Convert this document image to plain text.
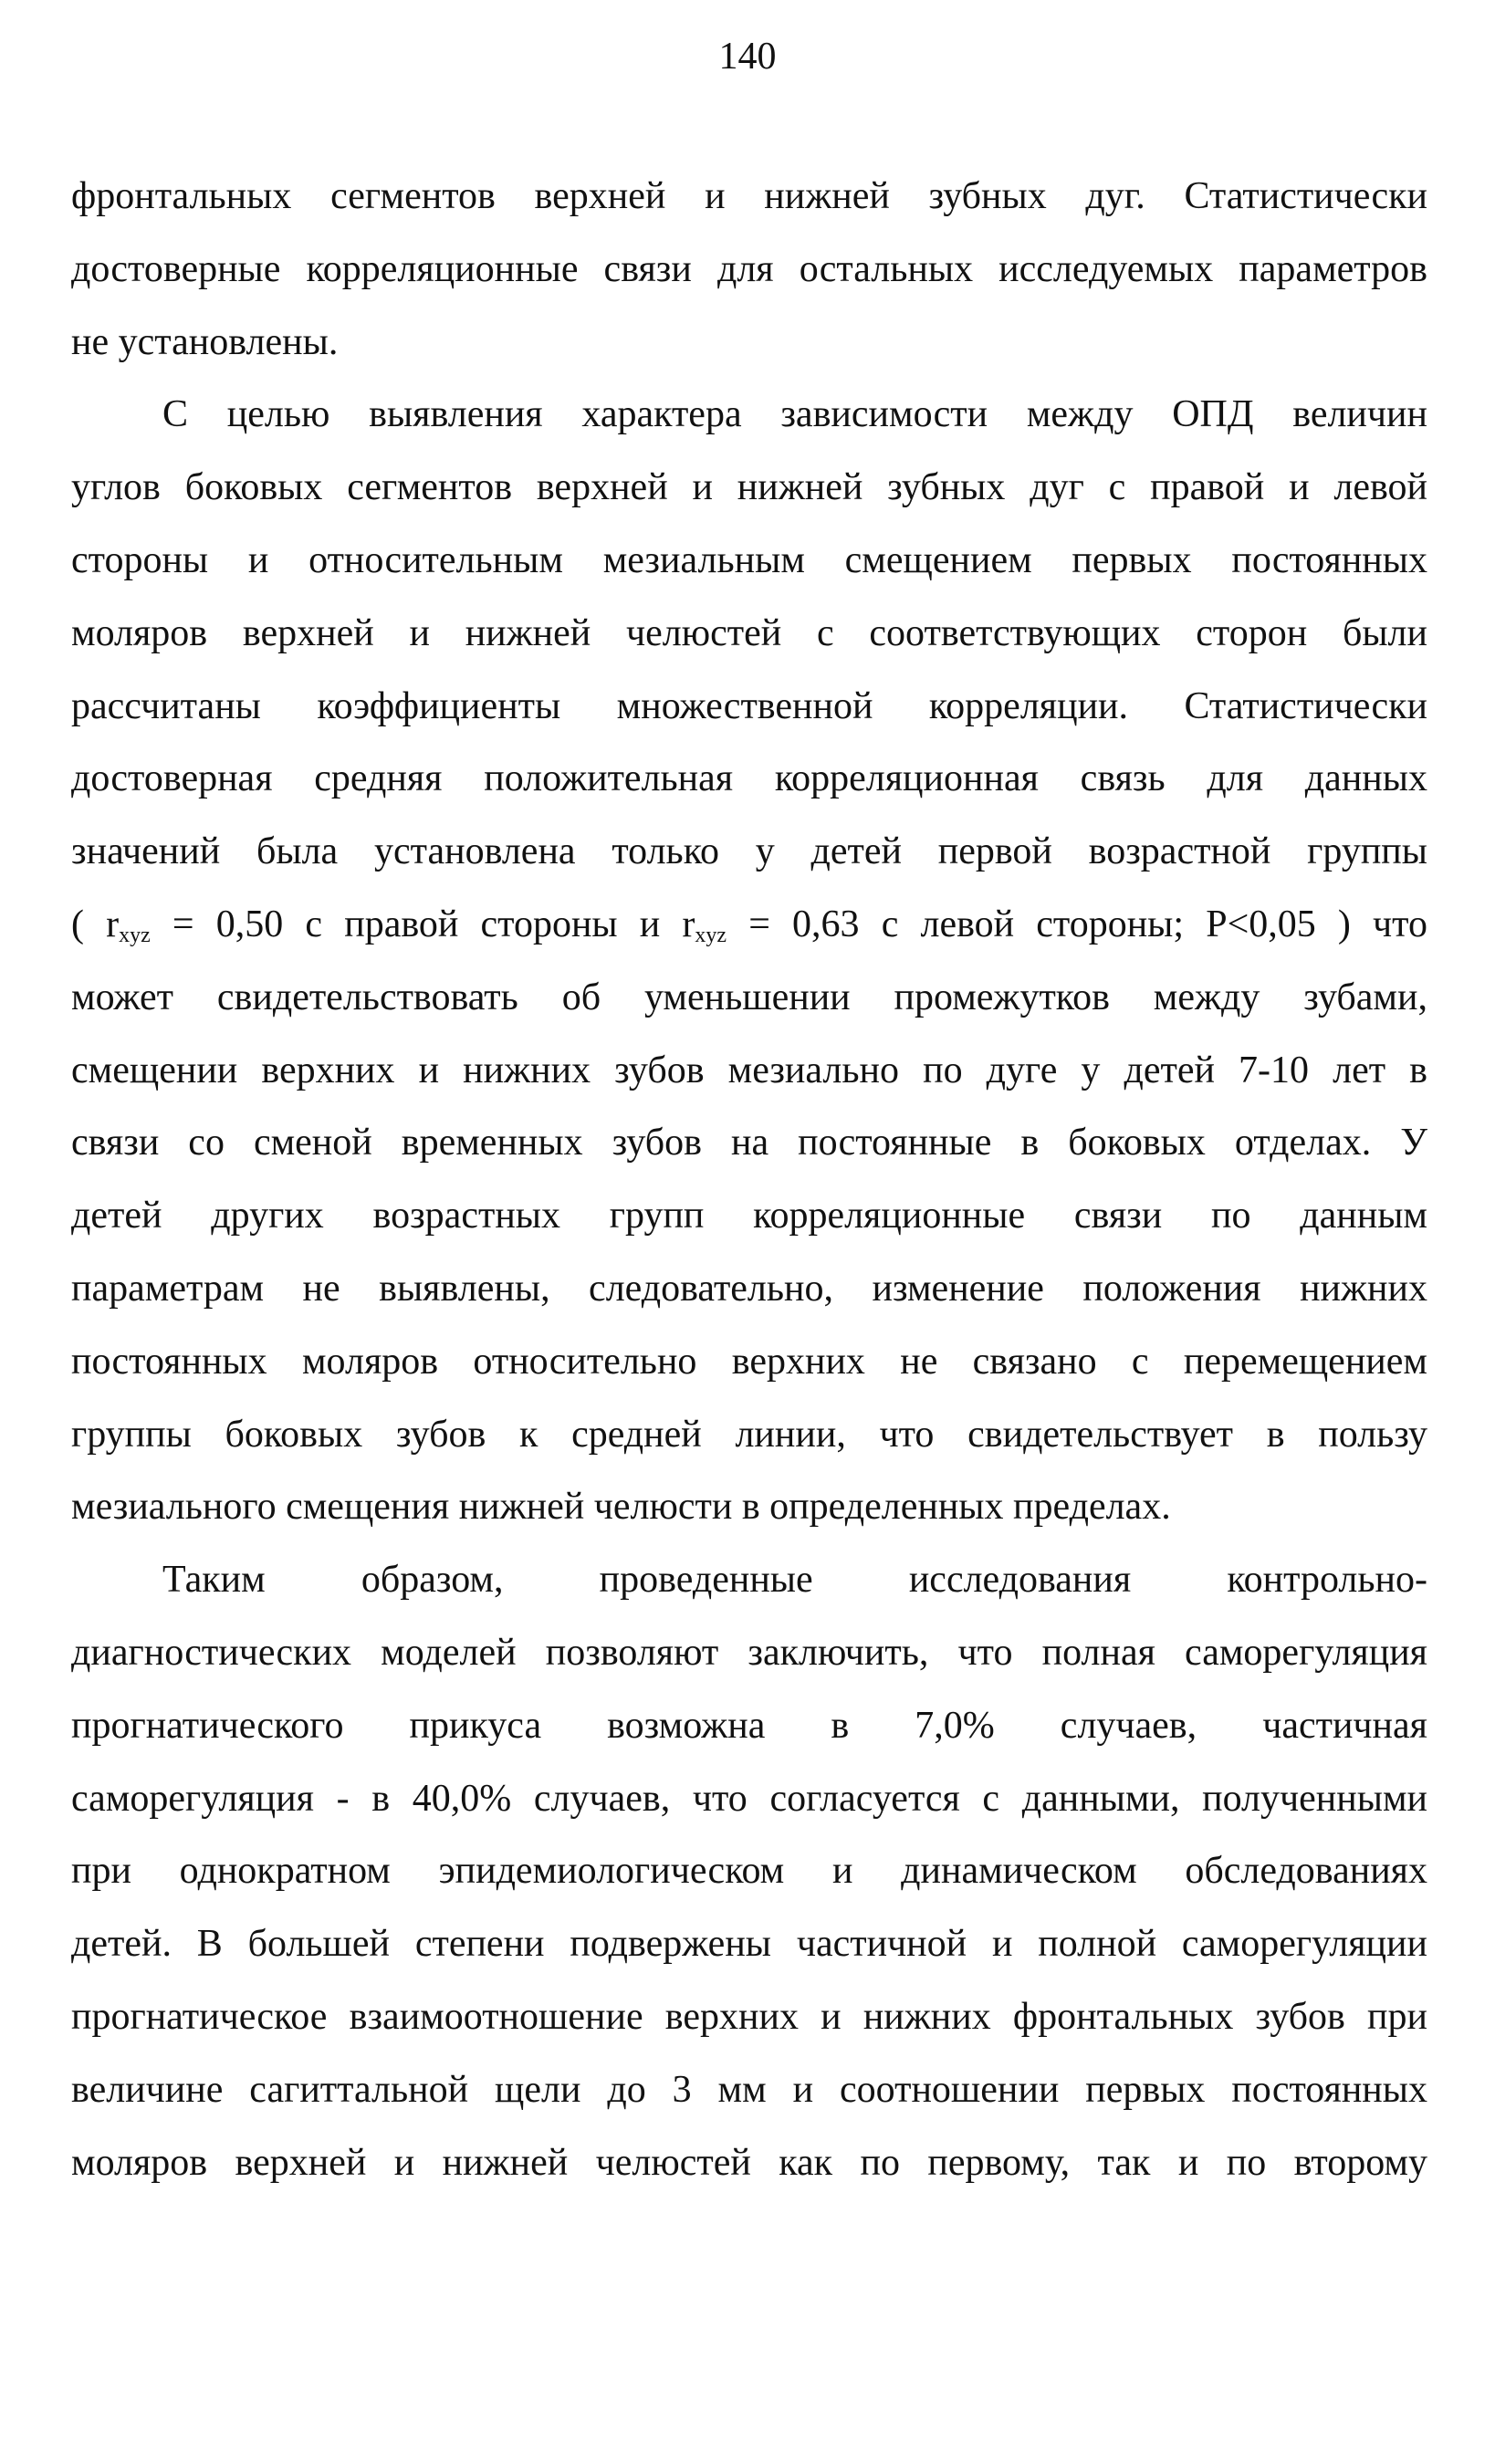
140
фронтальных сегментов верхней и нижней зубных дуг. Статистически
достоверные корреляционные связи для остальных исследуемых параметров
не установлены.
С целью выявления характера зависимости между ОПД величин
углов боковых сегментов верхней и нижней зубных дуг с правой и левой
стороны и относительным мезиальным смещением первых постоянных
моляров верхней и нижней челюстей с соответствующих сторон были
рассчитаны коэффициенты множественной корреляции. Статистически
достоверная средняя положительная корреляционная связь для данных
значений была установлена только у детей первой возрастной группы
( $r_{xyz} = 0,50$ с правой стороны и $r_{xyz} = 0,63$ с левой стороны; P<0,05 ) что
может свидетельствовать об уменьшении промежутков между зубами,
смещении верхних и нижних зубов мезиально по дуге у детей 7-10 лет в
связи со сменой временных зубов на постоянные в боковых отделах. У
детей других возрастных групп корреляционные связи по данным
параметрам не выявлены, следовательно, изменение положения нижних
постоянных моляров относительно верхних не связано с перемещением
группы боковых зубов к средней линии, что свидетельствует в пользу
мезиального смещения нижней челюсти в определенных пределах.
Таким образом, проведенные исследования контрольно-
диагностических моделей позволяют заключить, что полная саморегуляция
прогнатического прикуса возможна в 7,0% случаев, частичная
саморегуляция - в 40,0% случаев, что согласуется с данными, полученными
при однократном эпидемиологическом и динамическом обследованиях
детей. В большей степени подвержены частичной и полной саморегуляции
прогнатическое взаимоотношение верхних и нижних фронтальных зубов при
величине сагиттальной щели до 3 мм и соотношении первых постоянных
моляров верхней и нижней челюстей как по первому, так и по второму
